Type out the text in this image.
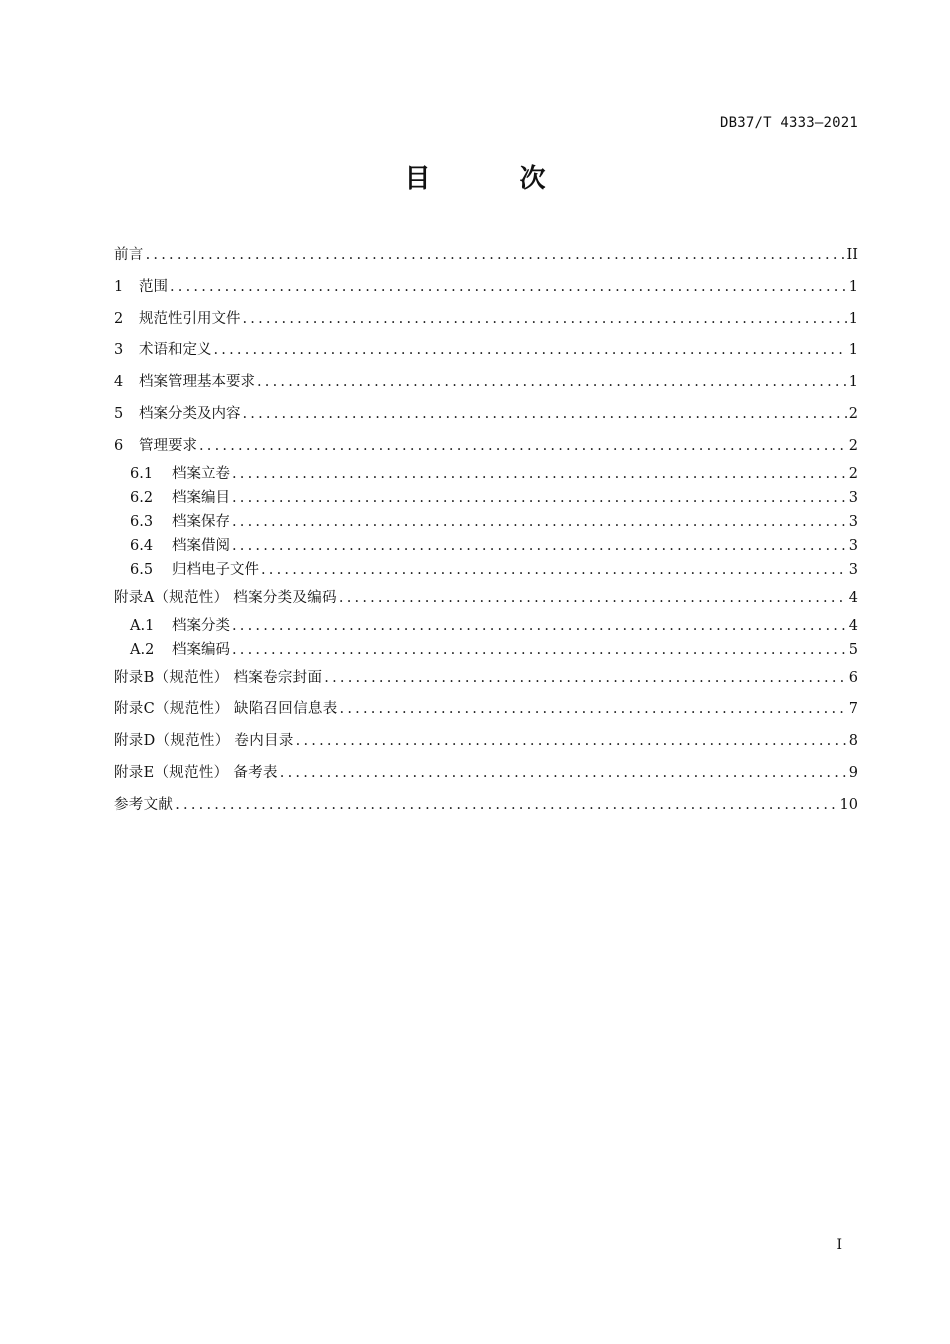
DB37/T 4333—2021
目 次
前言 .....	II
1	范围 .....	1
2	规范性引用文件 .....	1
3	术语和定义 .....	1
4	档案管理基本要求 .....	1
5	档案分类及内容 .....	2
6	管理要求 .....	2
6.1	档案立卷 .....	2
6.2	档案编目 .....	3
6.3	档案保存 .....	3
6.4	档案借阅 .....	3
6.5	归档电子文件 .....	3
附录A（规范性） 档案分类及编码 .....	4
A.1	档案分类 .....	4
A.2	档案编码 .....	5
附录B（规范性） 档案卷宗封面 .....	6
附录C（规范性） 缺陷召回信息表 .....	7
附录D（规范性） 卷内目录 .....	8
附录E（规范性） 备考表 .....	9
参考文献 .....	10
I
